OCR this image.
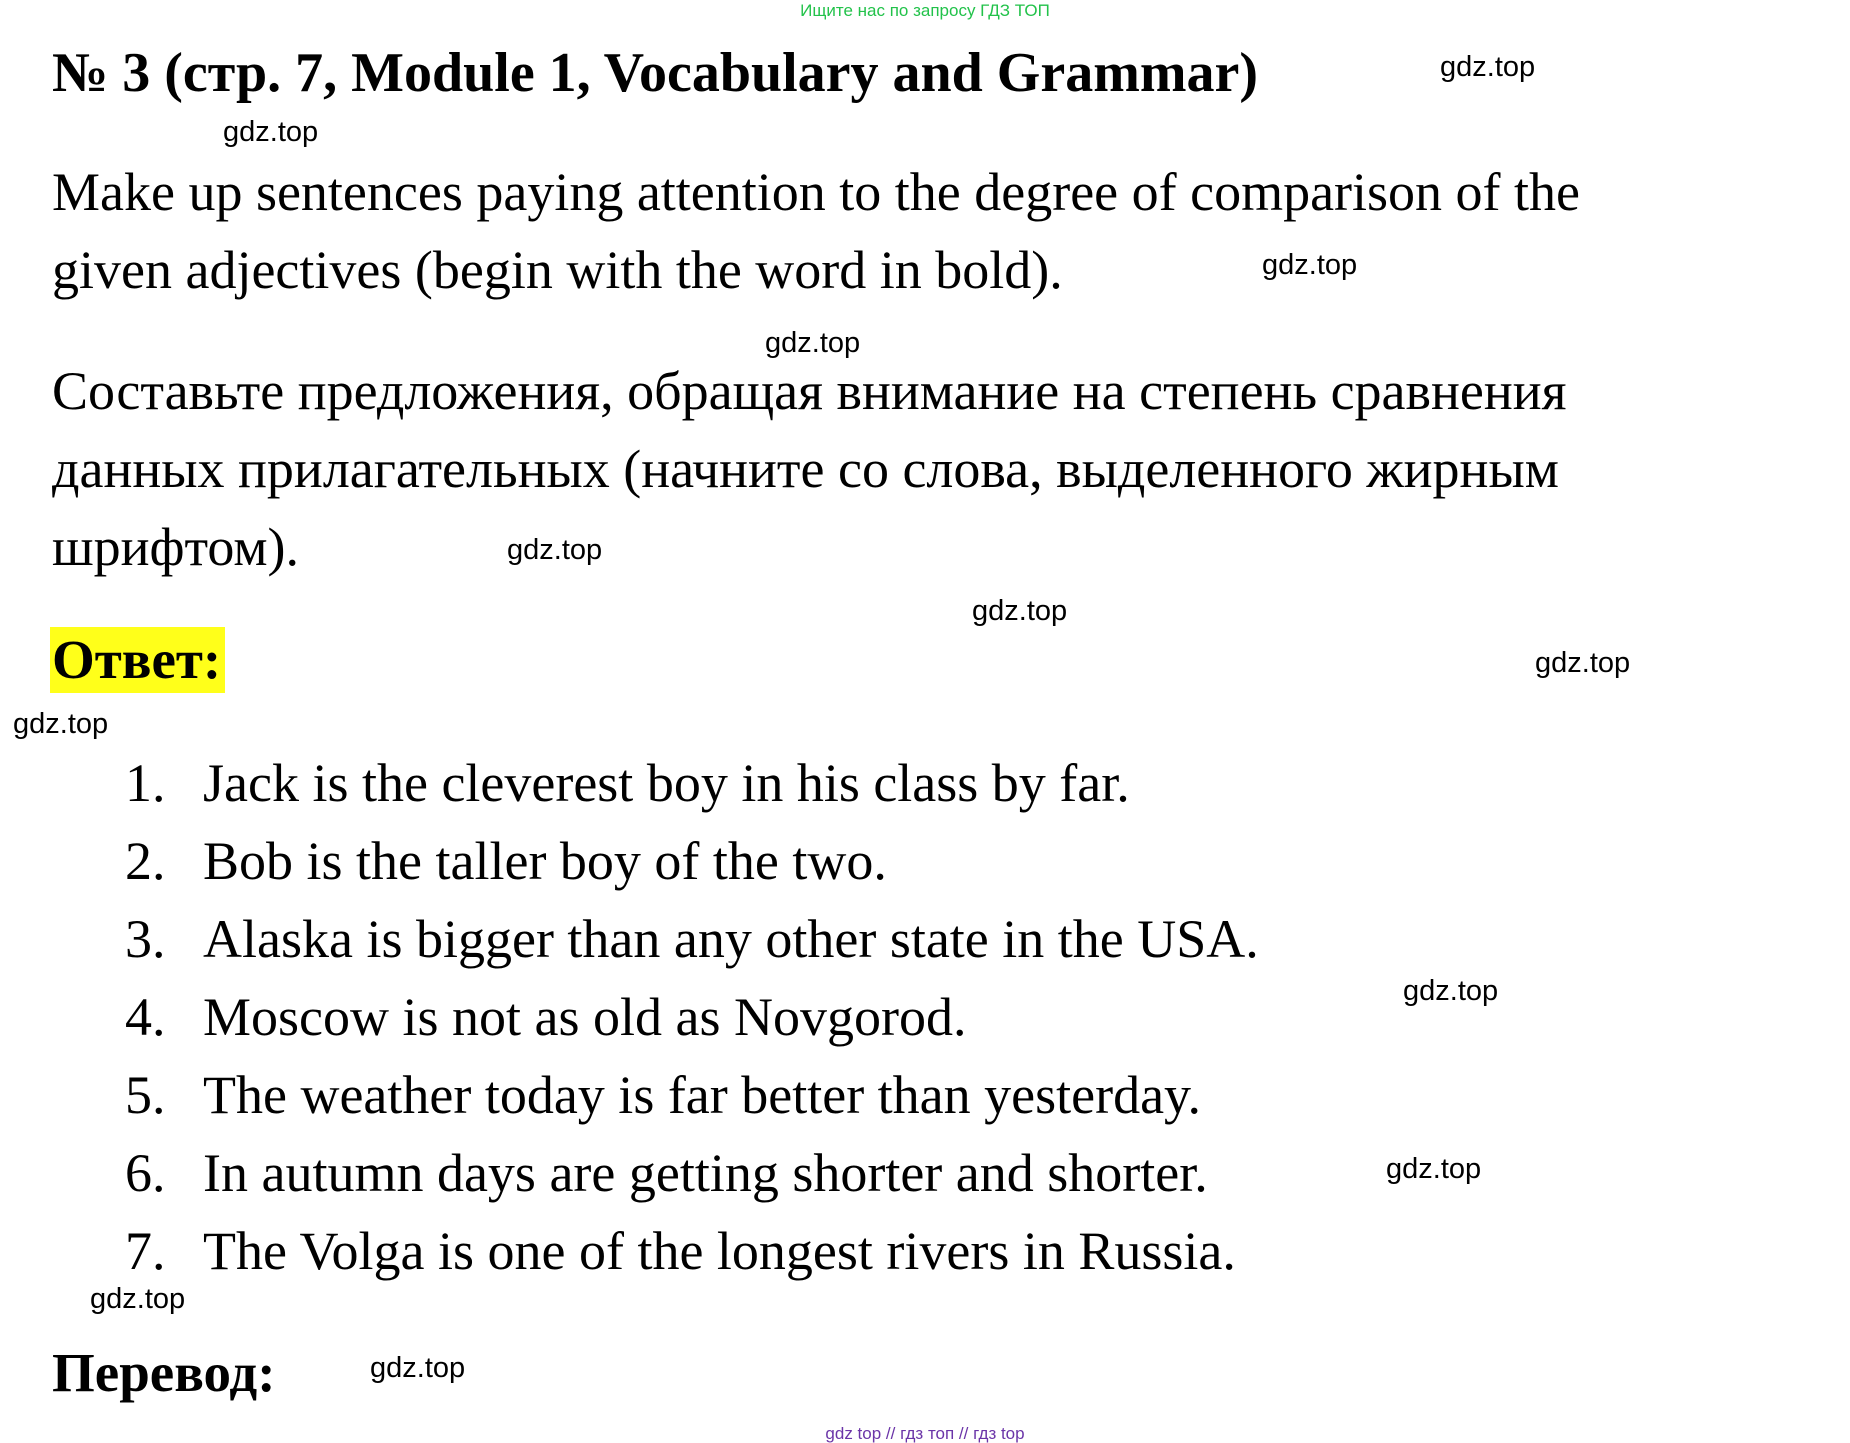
Ищите нас по запросу ГДЗ ТОП
№ 3 (стр. 7, Module 1, Vocabulary and Grammar)
Make up sentences paying attention to the degree of comparison of the
given adjectives (begin with the word in bold).
Составьте предложения, обращая внимание на степень сравнения
данных прилагательных (начните со слова, выделенного жирным
шрифтом).
Ответ:
1. Jack is the cleverest boy in his class by far.
2. Bob is the taller boy of the two.
3. Alaska is bigger than any other state in the USA.
4. Moscow is not as old as Novgorod.
5. The weather today is far better than yesterday.
6. In autumn days are getting shorter and shorter.
7. The Volga is one of the longest rivers in Russia.
Перевод:
gdz.top
gdz.top
gdz.top
gdz.top
gdz.top
gdz.top
gdz.top
gdz.top
gdz.top
gdz.top
gdz.top
gdz.top
gdz top // гдз топ // гдз top
